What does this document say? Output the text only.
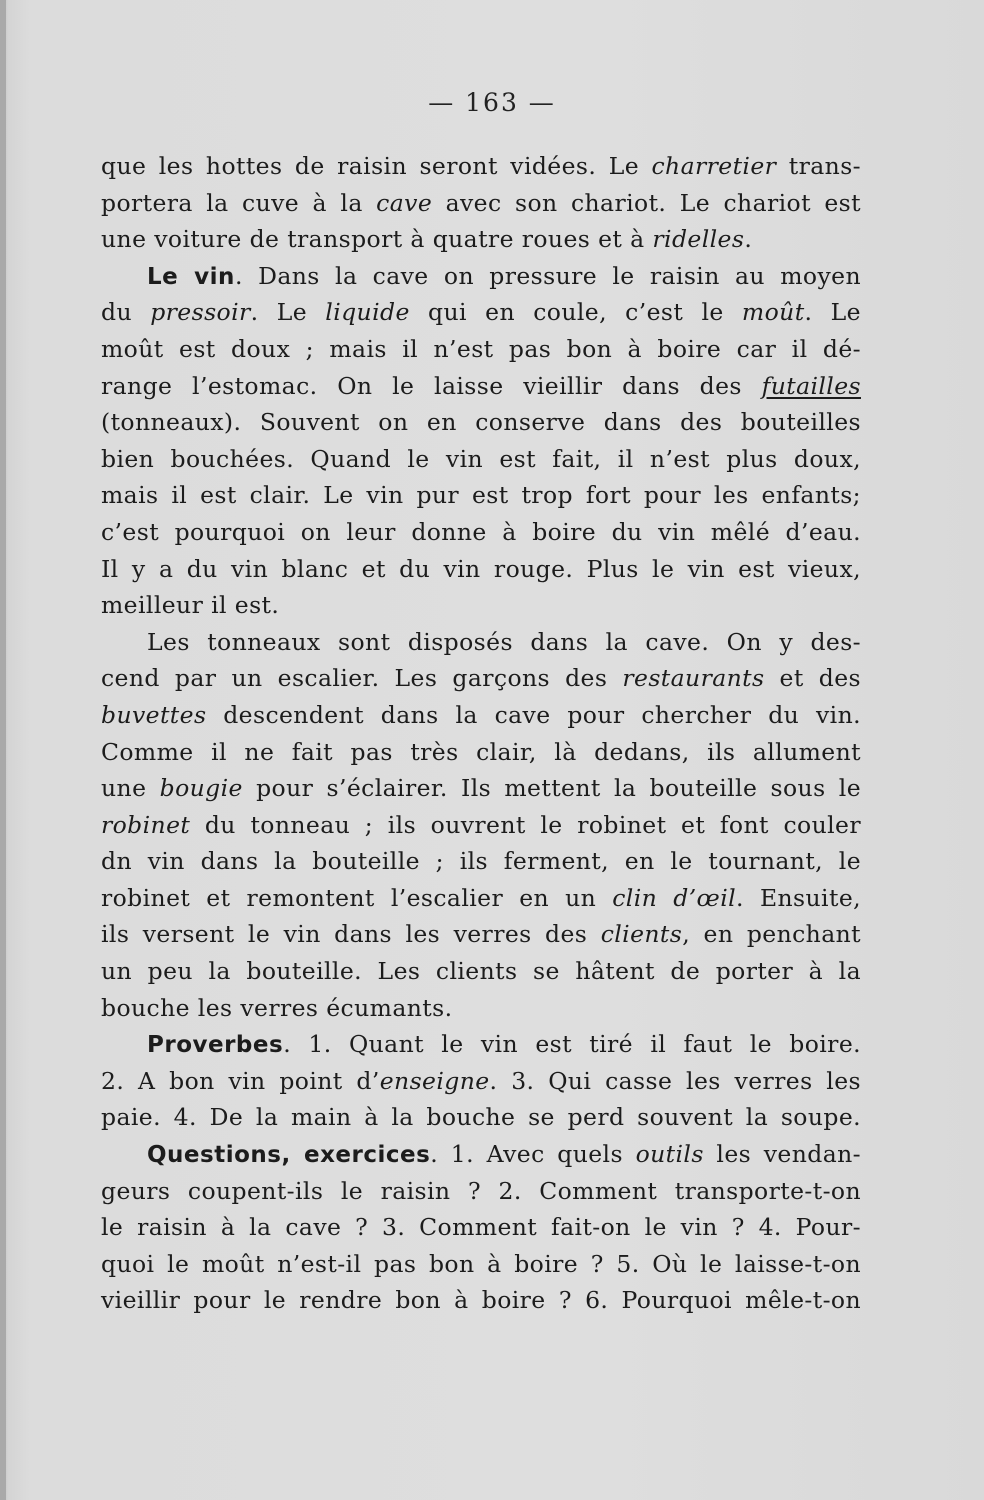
— 163 —
que les hottes de raisin seront vidées. Le charretier trans-
portera la cuve à la cave avec son chariot. Le chariot est
une voiture de transport à quatre roues et à ridelles.
Le vin. Dans la cave on pressure le raisin au moyen
du pressoir. Le liquide qui en coule, c’est le moût. Le
moût est doux ; mais il n’est pas bon à boire car il dé-
range l’estomac. On le laisse vieillir dans des futailles
(tonneaux). Souvent on en conserve dans des bouteilles
bien bouchées. Quand le vin est fait, il n’est plus doux,
mais il est clair. Le vin pur est trop fort pour les enfants;
c’est pourquoi on leur donne à boire du vin mêlé d’eau.
Il y a du vin blanc et du vin rouge. Plus le vin est vieux,
meilleur il est.
Les tonneaux sont disposés dans la cave. On y des-
cend par un escalier. Les garçons des restaurants et des
buvettes descendent dans la cave pour chercher du vin.
Comme il ne fait pas très clair, là dedans, ils allument
une bougie pour s’éclairer. Ils mettent la bouteille sous le
robinet du tonneau ; ils ouvrent le robinet et font couler
dn vin dans la bouteille ; ils ferment, en le tournant, le
robinet et remontent l’escalier en un clin d’œil. Ensuite,
ils versent le vin dans les verres des clients, en penchant
un peu la bouteille. Les clients se hâtent de porter à la
bouche les verres écumants.
Proverbes. 1. Quant le vin est tiré il faut le boire.
2. A bon vin point d’enseigne. 3. Qui casse les verres les
paie. 4. De la main à la bouche se perd souvent la soupe.
Questions, exercices. 1. Avec quels outils les vendan-
geurs coupent-ils le raisin ? 2. Comment transporte-t-on
le raisin à la cave ? 3. Comment fait-on le vin ? 4. Pour-
quoi le moût n’est-il pas bon à boire ? 5. Où le laisse-t-on
vieillir pour le rendre bon à boire ? 6. Pourquoi mêle-t-on
